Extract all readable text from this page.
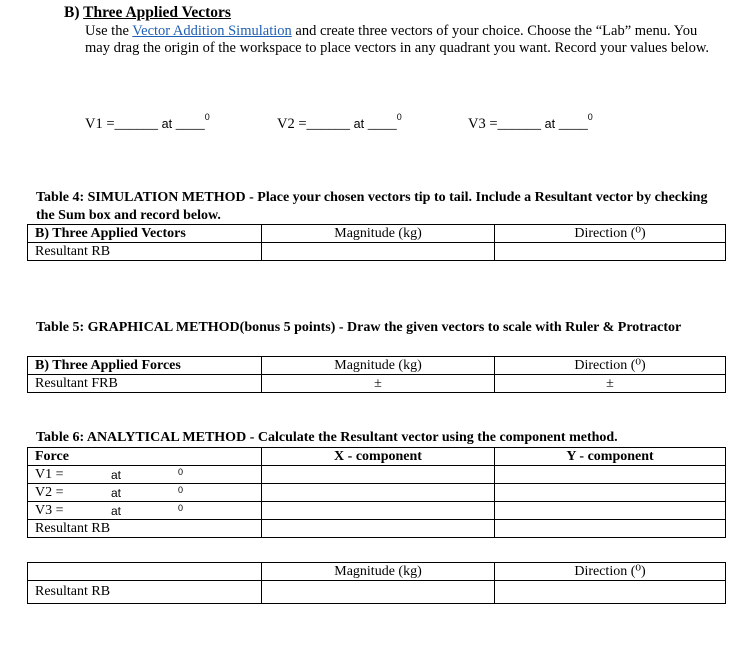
B) Three Applied Vectors
Use the Vector Addition Simulation and create three vectors of your choice. Choose the “Lab” menu. You may drag the origin of the workspace to place vectors in any quadrant you want. Record your values below.
V1 =______ at ____ 0	V2 =______ at ____ 0	V3 =______ at ____ 0
Table 4: SIMULATION METHOD - Place your chosen vectors tip to tail. Include a Resultant vector by checking the Sum box and record below.
B) Three Applied Vectors	Magnitude (kg)	Direction (⁰)
Resultant RB		
Table 5: GRAPHICAL METHOD(bonus 5 points) - Draw the given vectors to scale with Ruler & Protractor
B) Three Applied Forces	Magnitude (kg)	Direction (⁰)
Resultant FRB	±	±
Table 6: ANALYTICAL METHOD - Calculate the Resultant vector using the component method.
Force	X - component	Y - component
V1 = at 0		

V2 = at 0		

V3 = at 0		

Resultant RB		
	Magnitude (kg)	Direction (⁰)
Resultant RB		
